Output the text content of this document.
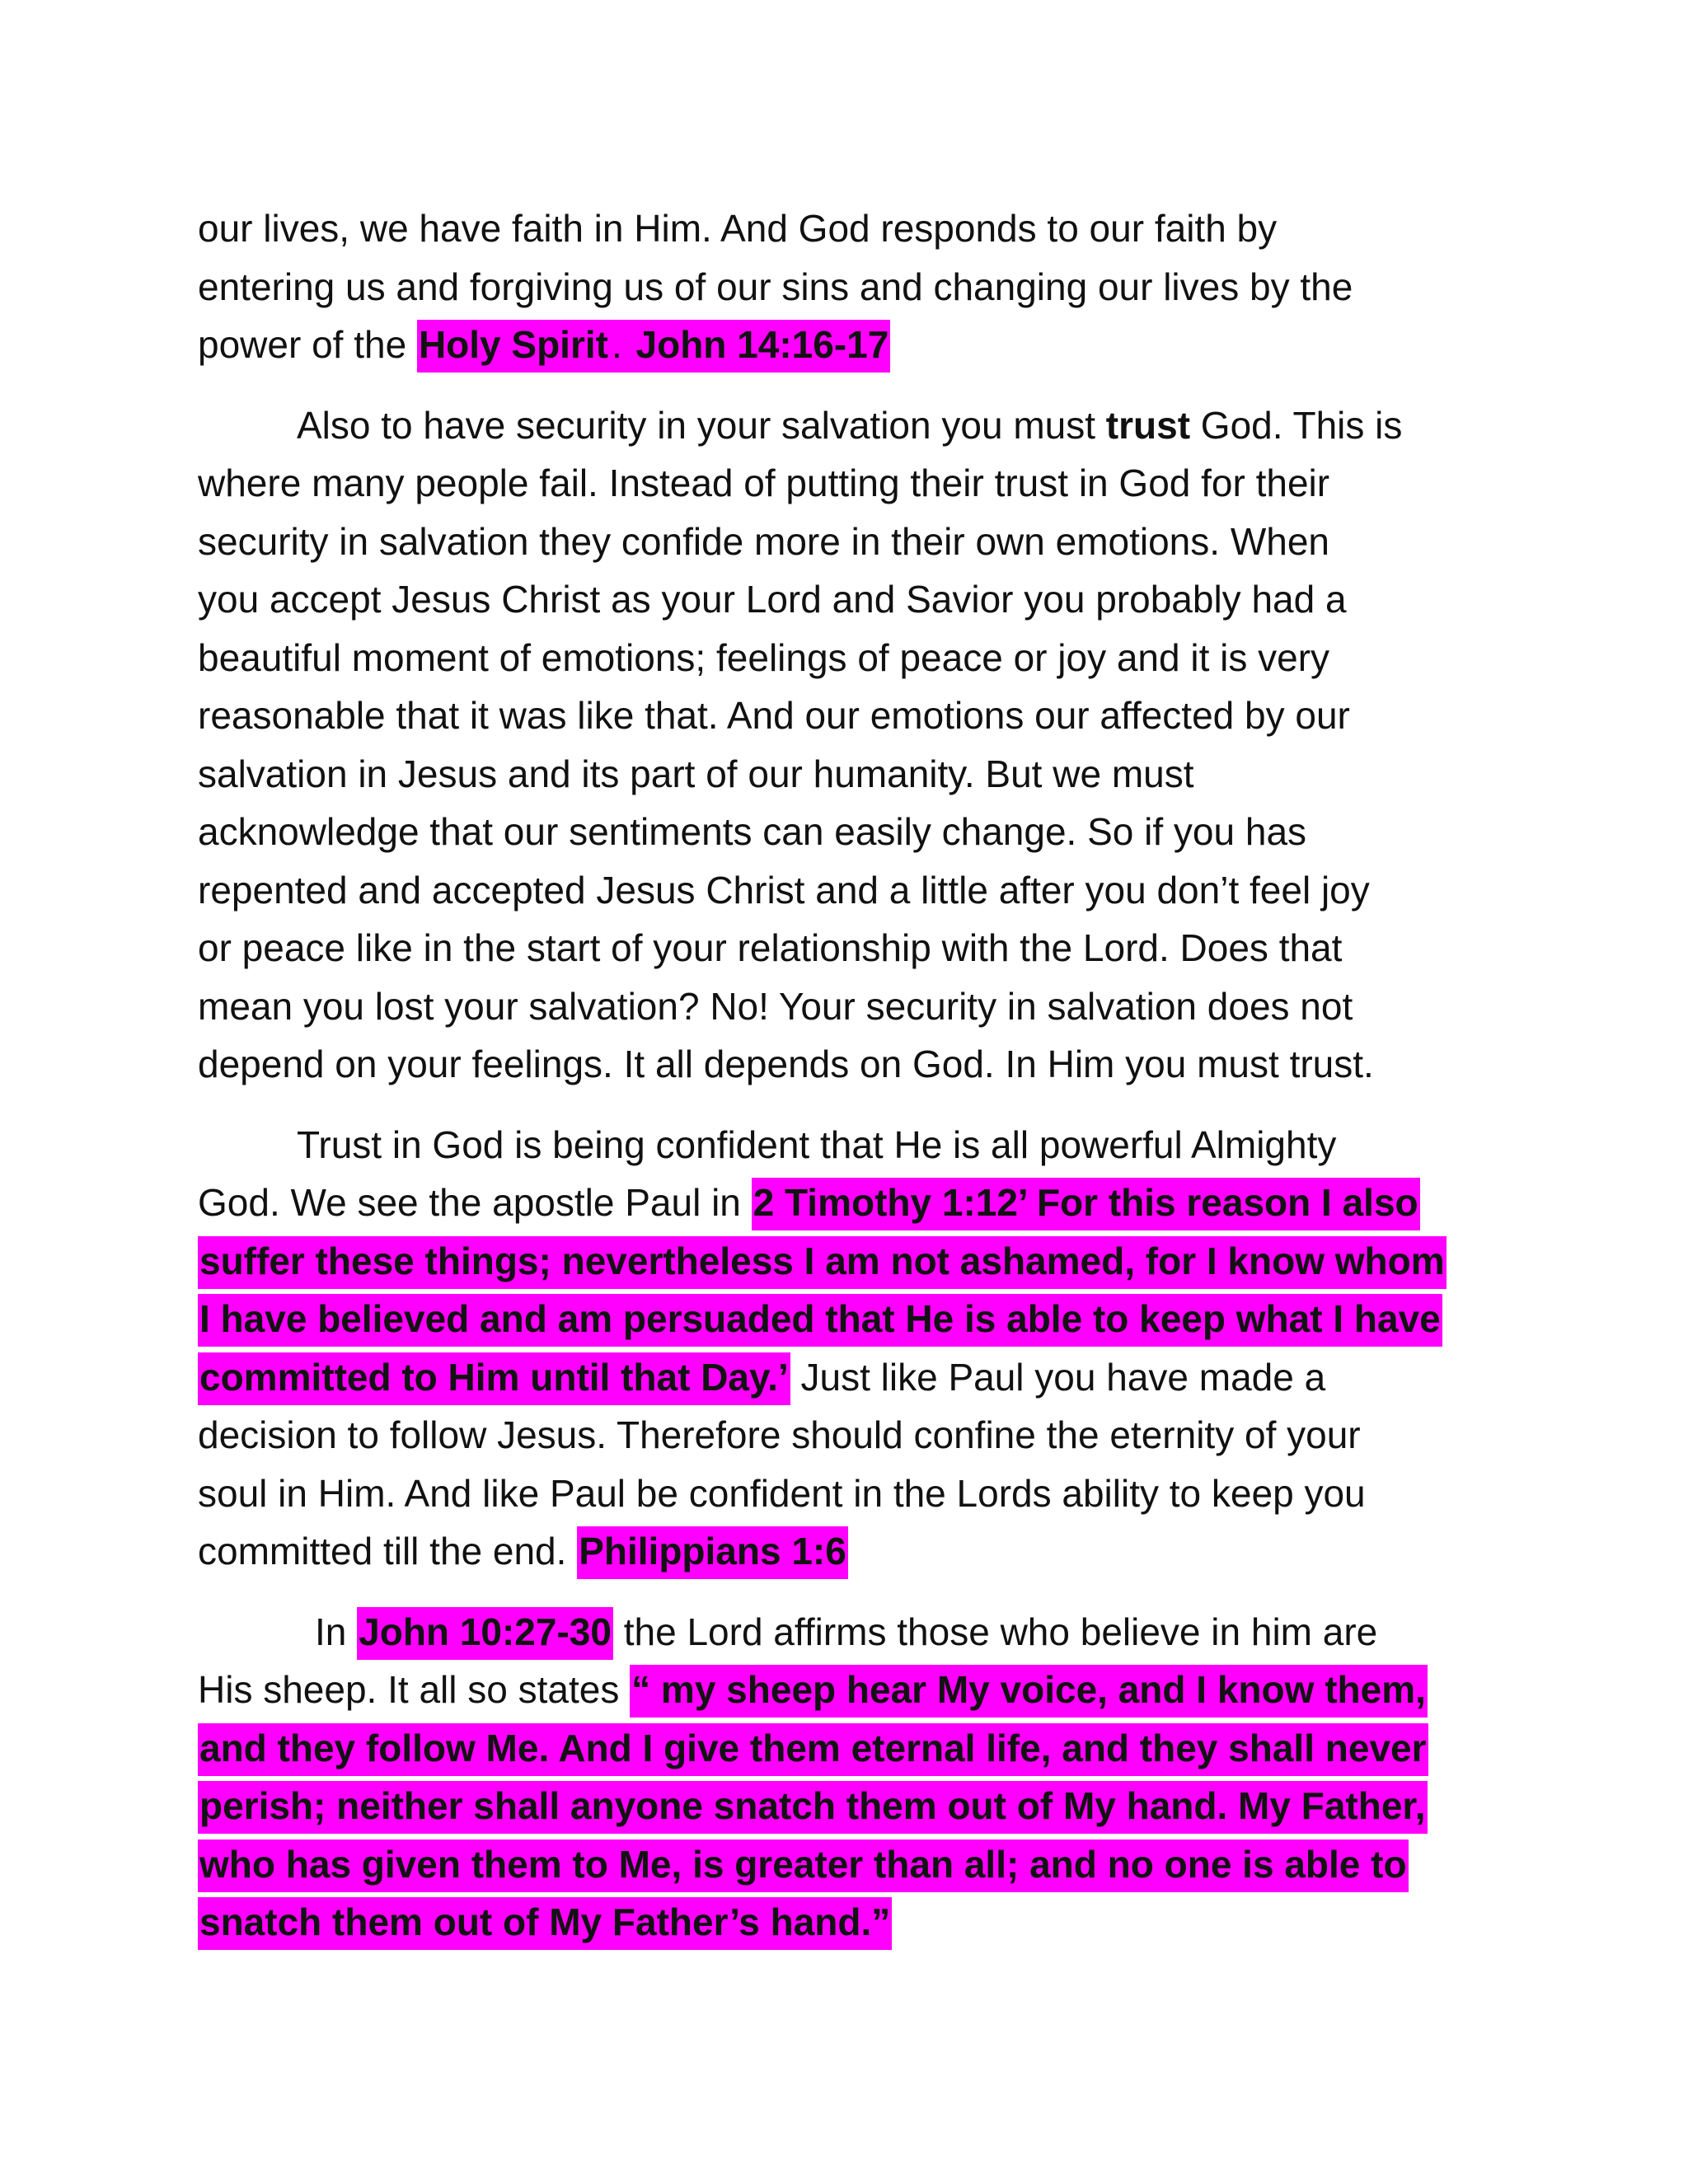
our lives, we have faith in Him. And God responds to our faith by
entering us and forgiving us of our sins and changing our lives by the
power of the Holy Spirit. John 14:16-17
Also to have security in your salvation you must trust God. This is
where many people fail. Instead of putting their trust in God for their
security in salvation they confide more in their own emotions. When
you accept Jesus Christ as your Lord and Savior you probably had a
beautiful moment of emotions; feelings of peace or joy and it is very
reasonable that it was like that. And our emotions our affected by our
salvation in Jesus and its part of our humanity. But we must
acknowledge that our sentiments can easily change. So if you has
repented and accepted Jesus Christ and a little after you don’t feel joy
or peace like in the start of your relationship with the Lord. Does that
mean you lost your salvation? No! Your security in salvation does not
depend on your feelings. It all depends on God. In Him you must trust.
Trust in God is being confident that He is all powerful Almighty
God. We see the apostle Paul in 2 Timothy 1:12’ For this reason I also
suffer these things; nevertheless I am not ashamed, for I know whom
I have believed and am persuaded that He is able to keep what I have
committed to Him until that Day.’ Just like Paul you have made a
decision to follow Jesus. Therefore should confine the eternity of your
soul in Him. And like Paul be confident in the Lords ability to keep you
committed till the end. Philippians 1:6
In John 10:27-30 the Lord affirms those who believe in him are
His sheep. It all so states “ my sheep hear My voice, and I know them,
and they follow Me. And I give them eternal life, and they shall never
perish; neither shall anyone snatch them out of My hand. My Father,
who has given them to Me, is greater than all; and no one is able to
snatch them out of My Father’s hand.”
